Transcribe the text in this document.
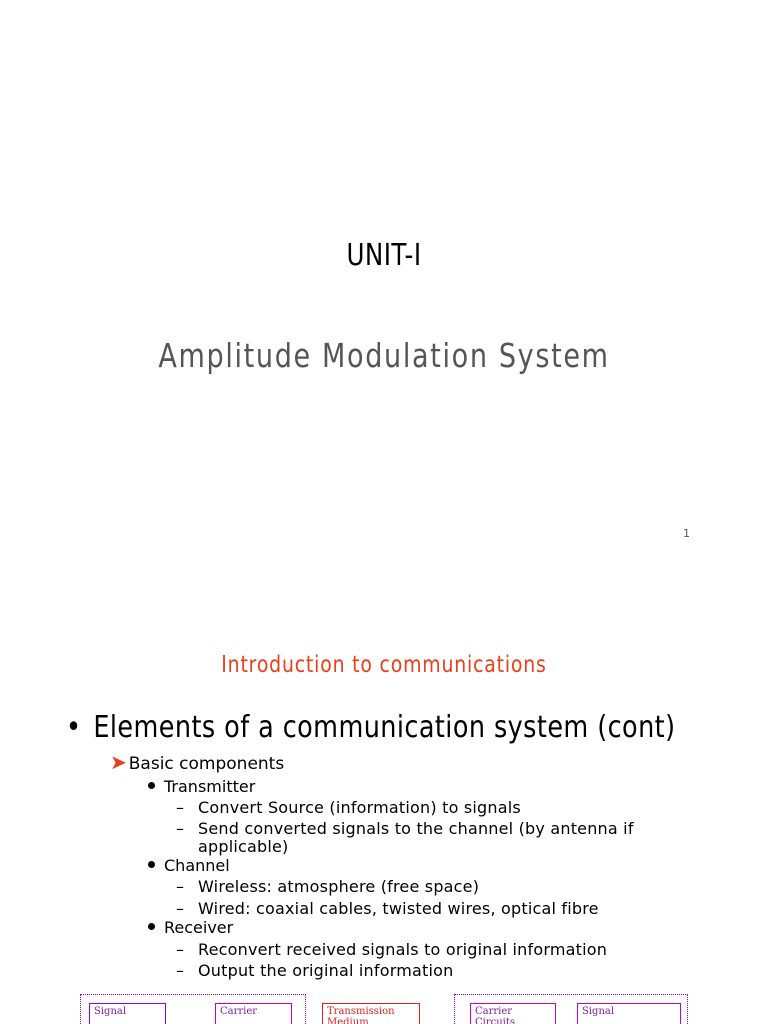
UNIT-I
Amplitude Modulation System
1
Introduction to communications
• Elements of a communication system (cont)
➤ Basic components
Transmitter
– Convert Source (information) to signals
– Send converted signals to the channel (by antenna if
applicable)
Channel
– Wireless: atmosphere (free space)
– Wired: coaxial cables, twisted wires, optical fibre
Receiver
– Reconvert received signals to original information
– Output the original information
Signal	Carrier	Transmission Medium
Carrier Circuits
Signal
